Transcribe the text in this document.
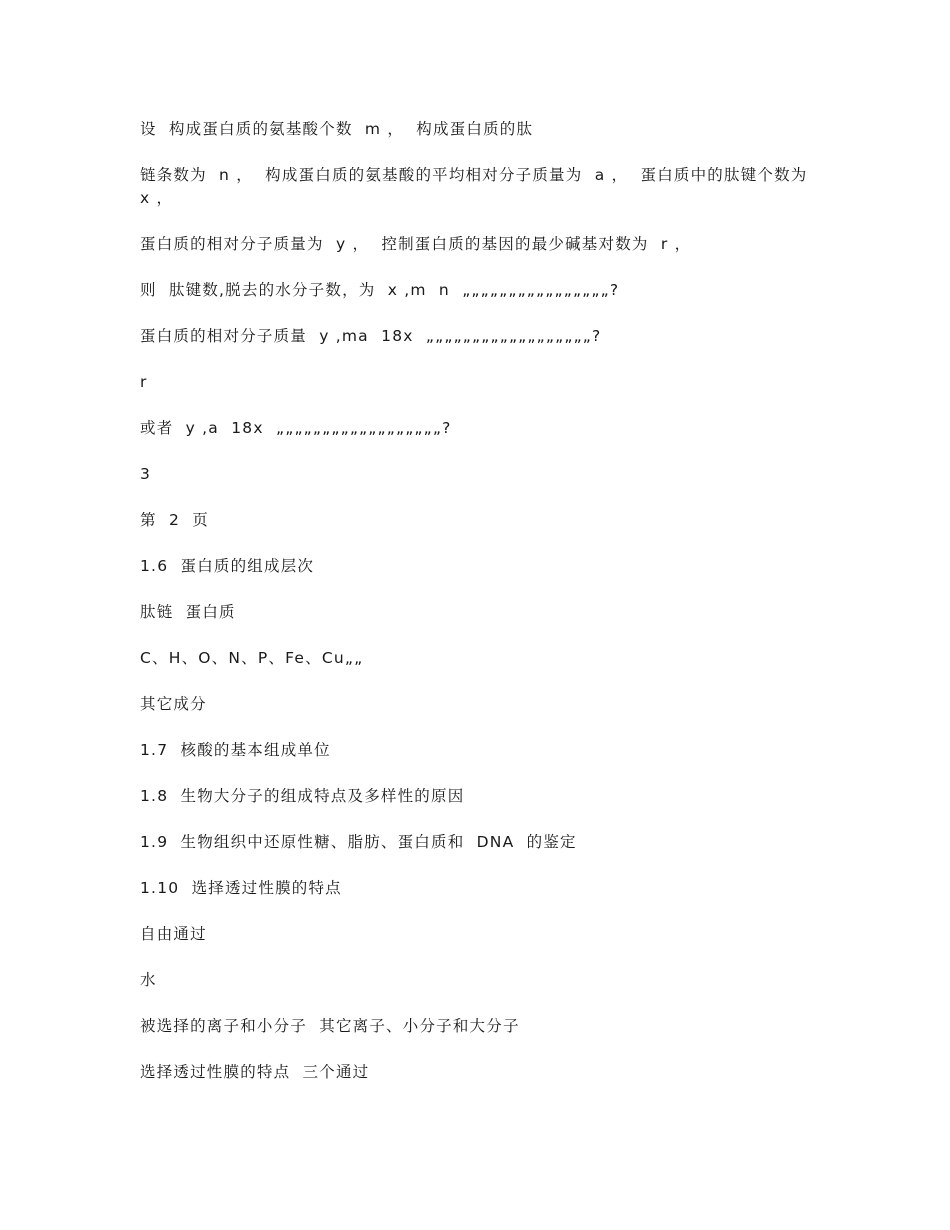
设  构成蛋白质的氨基酸个数  m ，  构成蛋白质的肽

链条数为  n ，  构成蛋白质的氨基酸的平均相对分子质量为  a ，  蛋白质中的肽键个数为  x ，

蛋白质的相对分子质量为  y ，  控制蛋白质的基因的最少碱基对数为  r ，

则  肽键数,脱去的水分子数，为  x ,m  n  „„„„„„„„„„„„„„„„?

蛋白质的相对分子质量  y ,ma  18x  „„„„„„„„„„„„„„„„„„?

r

或者  y ,a  18x  „„„„„„„„„„„„„„„„„„?

3

第  2  页

1.6  蛋白质的组成层次

肽链  蛋白质

C、H、O、N、P、Fe、Cu„„

其它成分

1.7  核酸的基本组成单位

1.8  生物大分子的组成特点及多样性的原因

1.9  生物组织中还原性糖、脂肪、蛋白质和  DNA  的鉴定

1.10  选择透过性膜的特点

自由通过

水

被选择的离子和小分子  其它离子、小分子和大分子

选择透过性膜的特点  三个通过
